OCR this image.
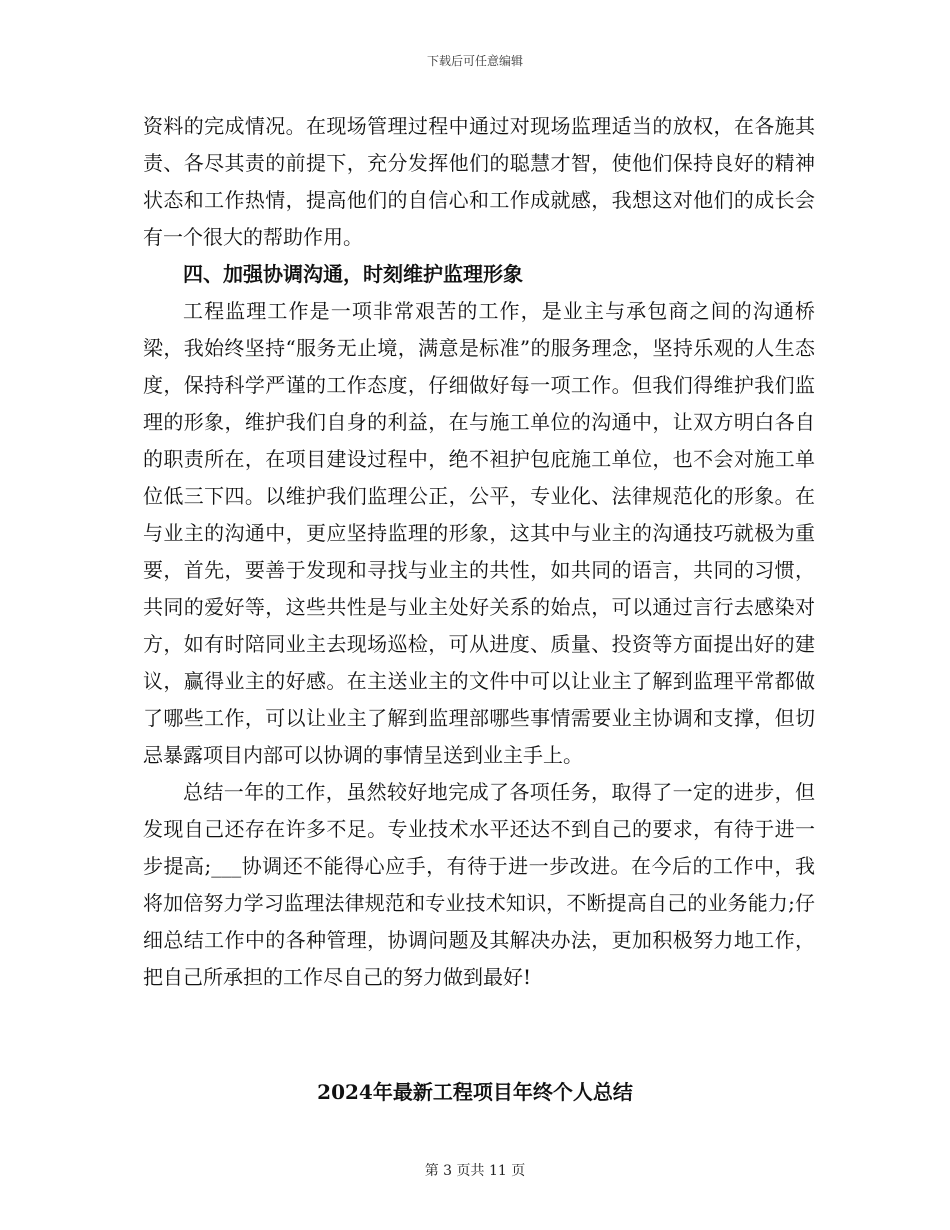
下载后可任意编辑

资料的完成情况。在现场管理过程中通过对现场监理适当的放权，在各施其责、各尽其责的前提下，充分发挥他们的聪慧才智，使他们保持良好的精神状态和工作热情，提高他们的自信心和工作成就感，我想这对他们的成长会有一个很大的帮助作用。

四、加强协调沟通，时刻维护监理形象

工程监理工作是一项非常艰苦的工作，是业主与承包商之间的沟通桥梁，我始终坚持“服务无止境，满意是标准”的服务理念，坚持乐观的人生态度，保持科学严谨的工作态度，仔细做好每一项工作。但我们得维护我们监理的形象，维护我们自身的利益，在与施工单位的沟通中，让双方明白各自的职责所在，在项目建设过程中，绝不袒护包庇施工单位，也不会对施工单位低三下四。以维护我们监理公正，公平，专业化、法律规范化的形象。在与业主的沟通中，更应坚持监理的形象，这其中与业主的沟通技巧就极为重要，首先，要善于发现和寻找与业主的共性，如共同的语言，共同的习惯，共同的爱好等，这些共性是与业主处好关系的始点，可以通过言行去感染对方，如有时陪同业主去现场巡检，可从进度、质量、投资等方面提出好的建议，赢得业主的好感。在主送业主的文件中可以让业主了解到监理平常都做了哪些工作，可以让业主了解到监理部哪些事情需要业主协调和支撑，但切忌暴露项目内部可以协调的事情呈送到业主手上。

总结一年的工作，虽然较好地完成了各项任务，取得了一定的进步，但发现自己还存在许多不足。专业技术水平还达不到自己的要求，有待于进一步提高;___协调还不能得心应手，有待于进一步改进。在今后的工作中，我将加倍努力学习监理法律规范和专业技术知识，不断提高自己的业务能力;仔细总结工作中的各种管理，协调问题及其解决办法，更加积极努力地工作，把自己所承担的工作尽自己的努力做到最好!

2024年最新工程项目年终个人总结
第 3 页共 11 页
